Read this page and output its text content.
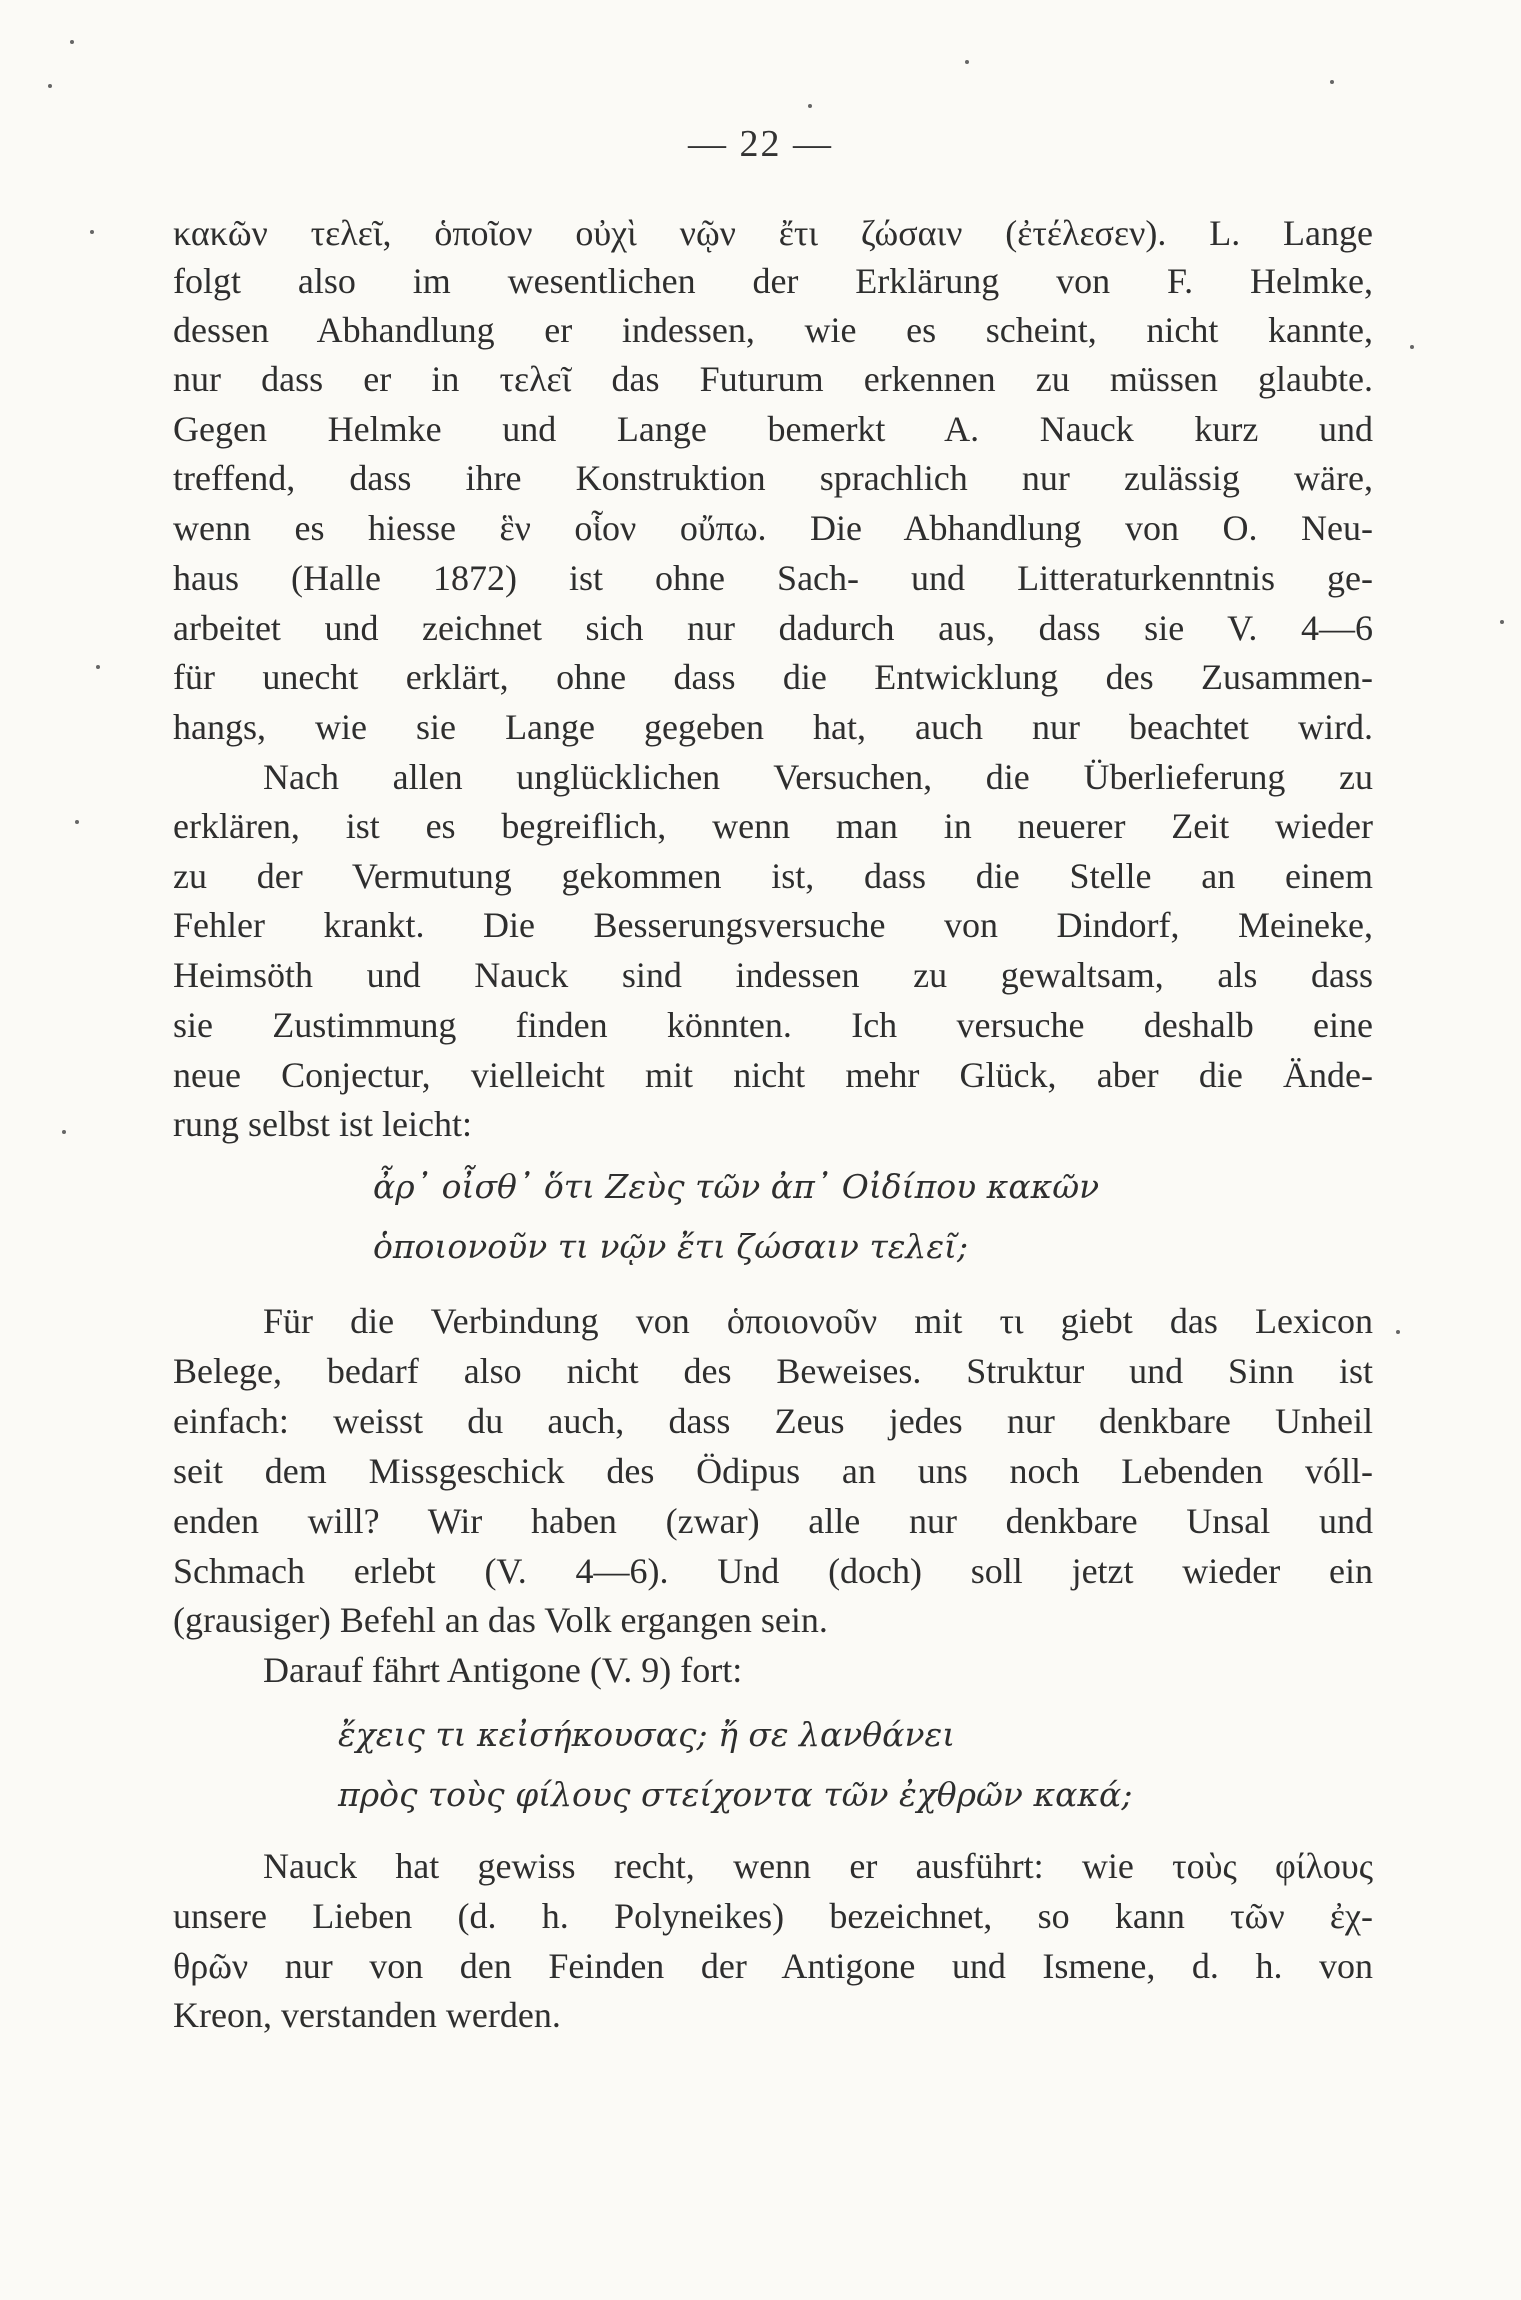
— 22 —
κακῶν τελεῖ, ὁποῖον οὐχὶ νῷν ἔτι ζώσαιν (ἐτέλεσεν). L. Lange
folgt also im wesentlichen der Erklärung von F. Helmke,
dessen Abhandlung er indessen, wie es scheint, nicht kannte,
nur dass er in τελεῖ das Futurum erkennen zu müssen glaubte.
Gegen Helmke und Lange bemerkt A. Nauck kurz und
treffend, dass ihre Konstruktion sprachlich nur zulässig wäre,
wenn es hiesse ἓν οἷον οὔπω. Die Abhandlung von O. Neu-
haus (Halle 1872) ist ohne Sach- und Litteraturkenntnis ge-
arbeitet und zeichnet sich nur dadurch aus, dass sie V. 4—6
für unecht erklärt, ohne dass die Entwicklung des Zusammen-
hangs, wie sie Lange gegeben hat, auch nur beachtet wird.
Nach allen unglücklichen Versuchen, die Überlieferung zu
erklären, ist es begreiflich, wenn man in neuerer Zeit wieder
zu der Vermutung gekommen ist, dass die Stelle an einem
Fehler krankt. Die Besserungsversuche von Dindorf, Meineke,
Heimsöth und Nauck sind indessen zu gewaltsam, als dass
sie Zustimmung finden könnten. Ich versuche deshalb eine
neue Conjectur, vielleicht mit nicht mehr Glück, aber die Ände-
rung selbst ist leicht:
ἆρ᾽ οἶσθ᾽ ὅτι Ζεὺς τῶν ἀπ᾽ Οἰδίπου κακῶν
ὁποιονοῦν τι νῷν ἔτι ζώσαιν τελεῖ;
Für die Verbindung von ὁποιονοῦν mit τι giebt das Lexicon
Belege, bedarf also nicht des Beweises. Struktur und Sinn ist
einfach: weisst du auch, dass Zeus jedes nur denkbare Unheil
seit dem Missgeschick des Ödipus an uns noch Lebenden vóll-
enden will? Wir haben (zwar) alle nur denkbare Unsal und
Schmach erlebt (V. 4—6). Und (doch) soll jetzt wieder ein
(grausiger) Befehl an das Volk ergangen sein.
Darauf fährt Antigone (V. 9) fort:
ἔχεις τι κεἰσήκουσας; ἤ σε λανθάνει
πρὸς τοὺς φίλους στείχοντα τῶν ἐχθρῶν κακά;
Nauck hat gewiss recht, wenn er ausführt: wie τοὺς φίλους
unsere Lieben (d. h. Polyneikes) bezeichnet, so kann τῶν ἐχ-
θρῶν nur von den Feinden der Antigone und Ismene, d. h. von
Kreon, verstanden werden.
